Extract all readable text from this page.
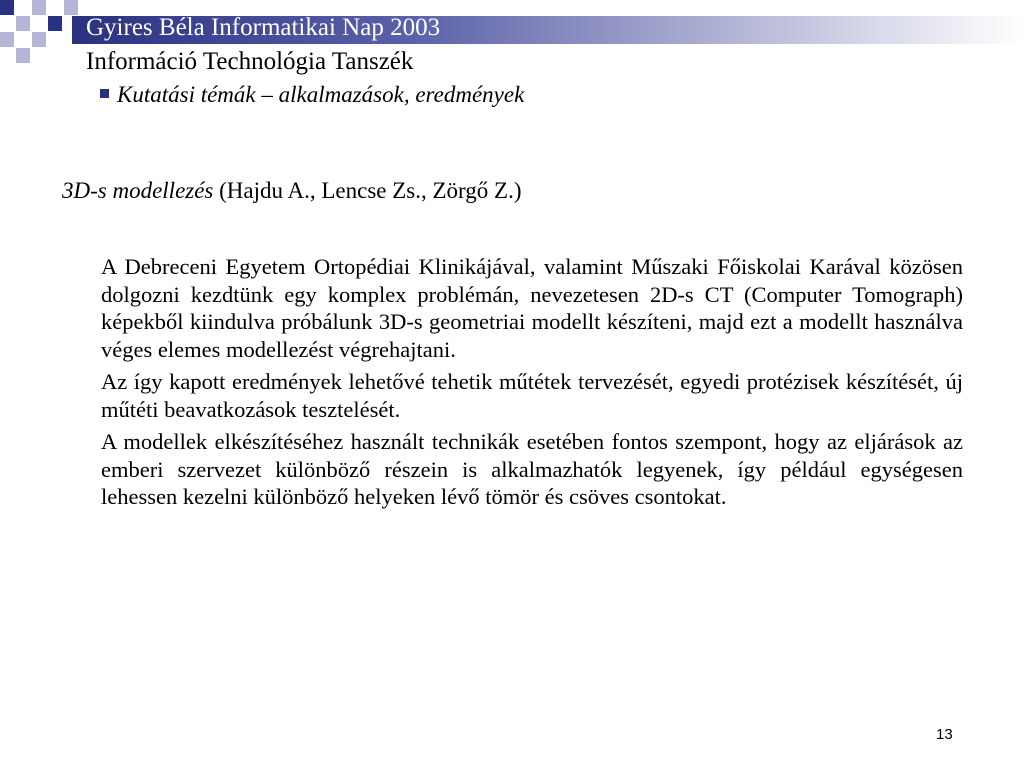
Gyires Béla Informatikai Nap 2003
Információ Technológia Tanszék
Kutatási témák – alkalmazások, eredmények
3D-s modellezés (Hajdu A., Lencse Zs., Zörgő Z.)

A Debreceni Egyetem Ortopédiai Klinikájával, valamint Műszaki Főiskolai Karával közösen dolgozni kezdtünk egy komplex problémán, nevezetesen 2D-s CT (Computer Tomograph) képekből kiindulva próbálunk 3D-s geometriai modellt készíteni, majd ezt a modellt használva véges elemes modellezést végrehajtani.

Az így kapott eredmények lehetővé tehetik műtétek tervezését, egyedi protézisek készítését, új műtéti beavatkozások tesztelését.

A modellek elkészítéséhez használt technikák esetében fontos szempont, hogy az eljárások az emberi szervezet különböző részein is alkalmazhatók legyenek, így például egységesen lehessen kezelni különböző helyeken lévő tömör és csöves csontokat.

13
